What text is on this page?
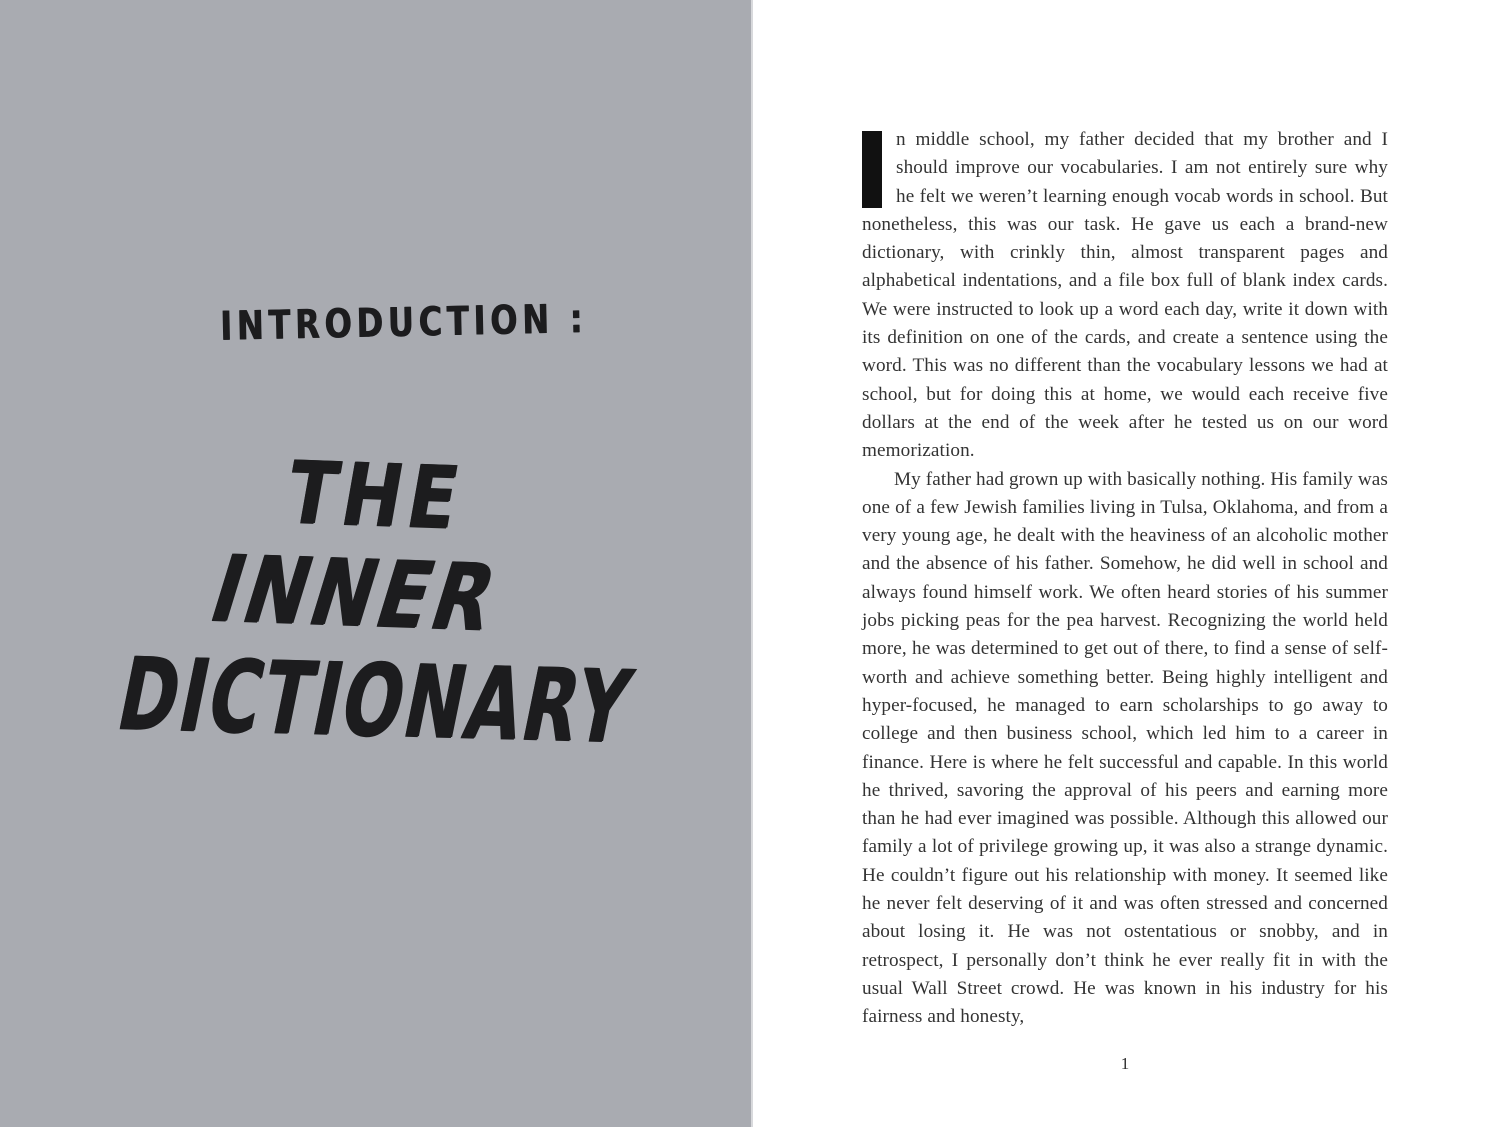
INTRODUCTION :
THE
INNER
DICTIONARY

n middle school, my father decided that my brother and I should improve our vocabularies. I am not entirely sure why he felt we weren’t learning enough vocab words in school. But nonetheless, this was our task. He gave us each a brand-new dictionary, with crinkly thin, almost transparent pages and alphabetical indentations, and a file box full of blank index cards. We were instructed to look up a word each day, write it down with its definition on one of the cards, and create a sentence using the word. This was no different than the vocabulary lessons we had at school, but for doing this at home, we would each receive five dollars at the end of the week after he tested us on our word memorization.

My father had grown up with basically nothing. His family was one of a few Jewish families living in Tulsa, Oklahoma, and from a very young age, he dealt with the heaviness of an alcoholic mother and the absence of his father. Somehow, he did well in school and always found himself work. We often heard stories of his summer jobs picking peas for the pea harvest. Recognizing the world held more, he was determined to get out of there, to find a sense of self-worth and achieve something better. Being highly intelligent and hyper-focused, he managed to earn scholarships to go away to college and then business school, which led him to a career in finance. Here is where he felt successful and capable. In this world he thrived, savoring the approval of his peers and earning more than he had ever imagined was possible. Although this allowed our family a lot of privilege growing up, it was also a strange dynamic. He couldn’t figure out his relationship with money. It seemed like he never felt deserving of it and was often stressed and concerned about losing it. He was not ostentatious or snobby, and in retrospect, I personally don’t think he ever really fit in with the usual Wall Street crowd. He was known in his industry for his fairness and honesty,

1
